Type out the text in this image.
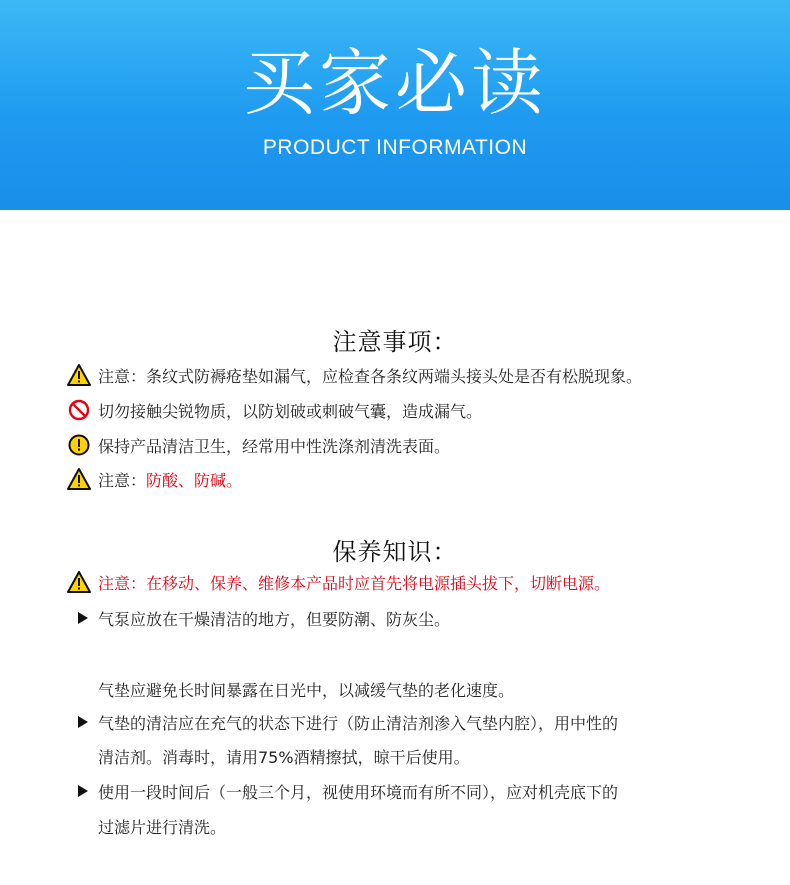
买家必读
PRODUCT INFORMATION
注意事项：
注意： 条纹式防褥疮垫如漏气，应检查各条纹两端头接头处是否有松脱现象。
切勿接触尖锐物质，以防划破或刺破气囊，造成漏气。
保持产品清洁卫生，经常用中性洗涤剂清洗表面。
注意： 防酸、防碱。
保养知识：
注意：在移动、保养、维修本产品时应首先将电源插头拔下，切断电源。
气泵应放在干燥清洁的地方，但要防潮、防灰尘。
气垫应避免长时间暴露在日光中，以减缓气垫的老化速度。
气垫的清洁应在充气的状态下进行（防止清洁剂渗入气垫内腔），用中性的
清洁剂。消毒时，请用75%酒精擦拭，晾干后使用。
使用一段时间后（一般三个月，视使用环境而有所不同），应对机壳底下的
过滤片进行清洗。
